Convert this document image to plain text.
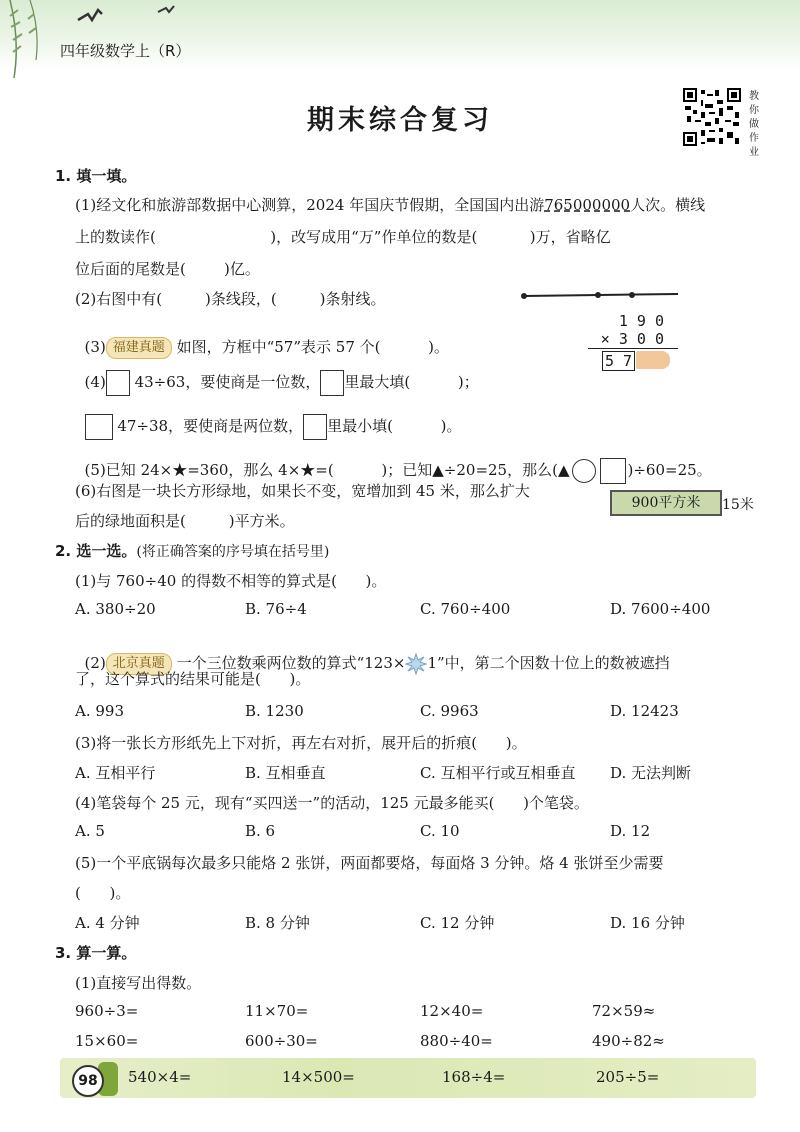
四年级数学上（R）
期末综合复习
教你做作业
1. 填一填。
(1)经文化和旅游部数据中心测算，2024 年国庆节假期，全国国内出游765000000人次。横线
上的数读作(                        )，改写成用“万”作单位的数是(           )万，省略亿
位后面的尾数是(        )亿。
(2)右图中有(         )条线段，(         )条射线。

(3) 福建真题 如图，方框中“57”表示 57 个(          )。

1 9 0
× 3 0 0
5 7

(4) 43÷63，要使商是一位数， 里最大填(          )；

47÷38，要使商是两位数， 里最小填(          )。

(5)已知 24×★=360，那么 4×★=(          )；已知▲÷20=25，那么(▲	)÷60=25。

(6)右图是一块长方形绿地，如果长不变，宽增加到 45 米，那么扩大
后的绿地面积是(         )平方米。
900平方米	15米
2. 选一选。(将正确答案的序号填在括号里)
(1)与 760÷40 的得数不相等的算式是(      )。
A. 380÷20	B. 76÷4	C. 760÷400	D. 7600÷400

(2) 北京真题 一个三位数乘两位数的算式“123× 1”中，第二个因数十位上的数被遮挡

了，这个算式的结果可能是(      )。
A. 993	B. 1230	C. 9963	D. 12423
(3)将一张长方形纸先上下对折，再左右对折，展开后的折痕(      )。
A. 互相平行	B. 互相垂直	C. 互相平行或互相垂直 D. 无法判断
(4)笔袋每个 25 元，现有“买四送一”的活动，125 元最多能买(      )个笔袋。
A. 5	B. 6	C. 10	D. 12
(5)一个平底锅每次最多只能烙 2 张饼，两面都要烙，每面烙 3 分钟。烙 4 张饼至少需要
(      )。
A. 4 分钟	B. 8 分钟	C. 12 分钟	D. 16 分钟
3. 算一算。
(1)直接写出得数。
960÷3=	11×70=	12×40=	72×59≈
15×60=	600÷30=	880÷40=	490÷82≈
98	540×4=	14×500=	168÷4=	205÷5=
